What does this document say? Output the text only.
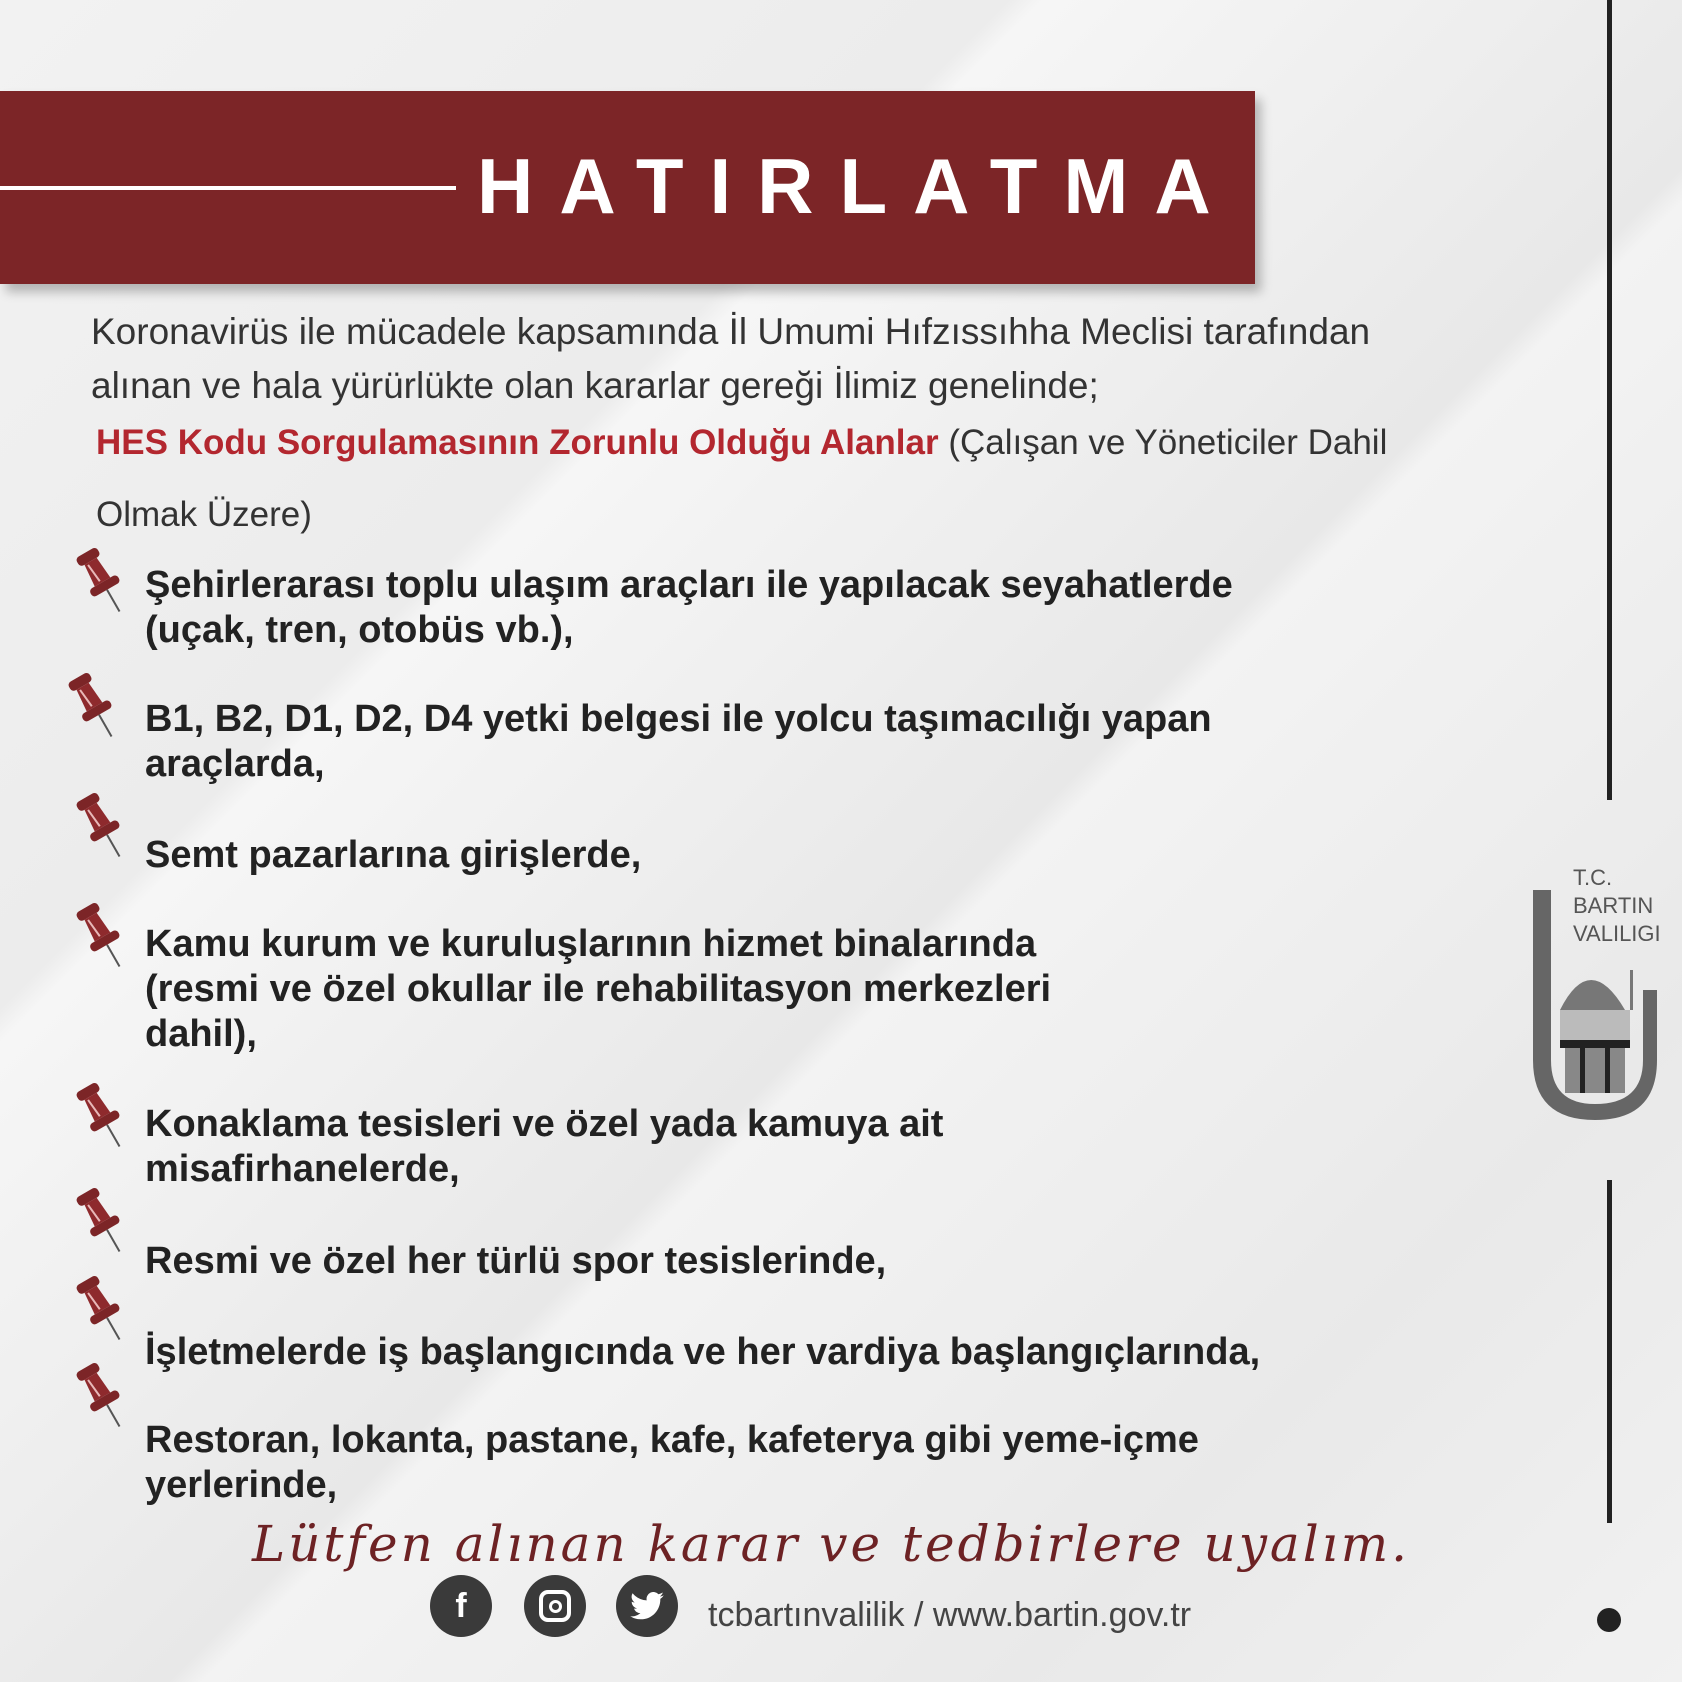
HATIRLATMA
Koronavirüs ile mücadele kapsamında İl Umumi Hıfzıssıhha Meclisi tarafından
alınan ve hala yürürlükte olan kararlar gereği İlimiz genelinde;
HES Kodu Sorgulamasının Zorunlu Olduğu Alanlar (Çalışan ve Yöneticiler Dahil
Olmak Üzere)
Şehirlerarası toplu ulaşım araçları ile yapılacak seyahatlerde
(uçak, tren, otobüs vb.),
B1, B2, D1, D2, D4 yetki belgesi ile yolcu taşımacılığı yapan
araçlarda,
Semt pazarlarına girişlerde,
Kamu kurum ve kuruluşlarının hizmet binalarında
(resmi ve özel okullar ile rehabilitasyon merkezleri
dahil),
Konaklama tesisleri ve özel yada kamuya ait
misafirhanelerde,
Resmi ve özel her türlü spor tesislerinde,
İşletmelerde iş başlangıcında ve her vardiya başlangıçlarında,
Restoran, lokanta, pastane, kafe, kafeterya gibi yeme-içme
yerlerinde,
Lütfen alınan karar ve tedbirlere uyalım.
f	tcbartınvalilik / www.bartin.gov.tr
T.C.
BARTIN
VALILIGI
